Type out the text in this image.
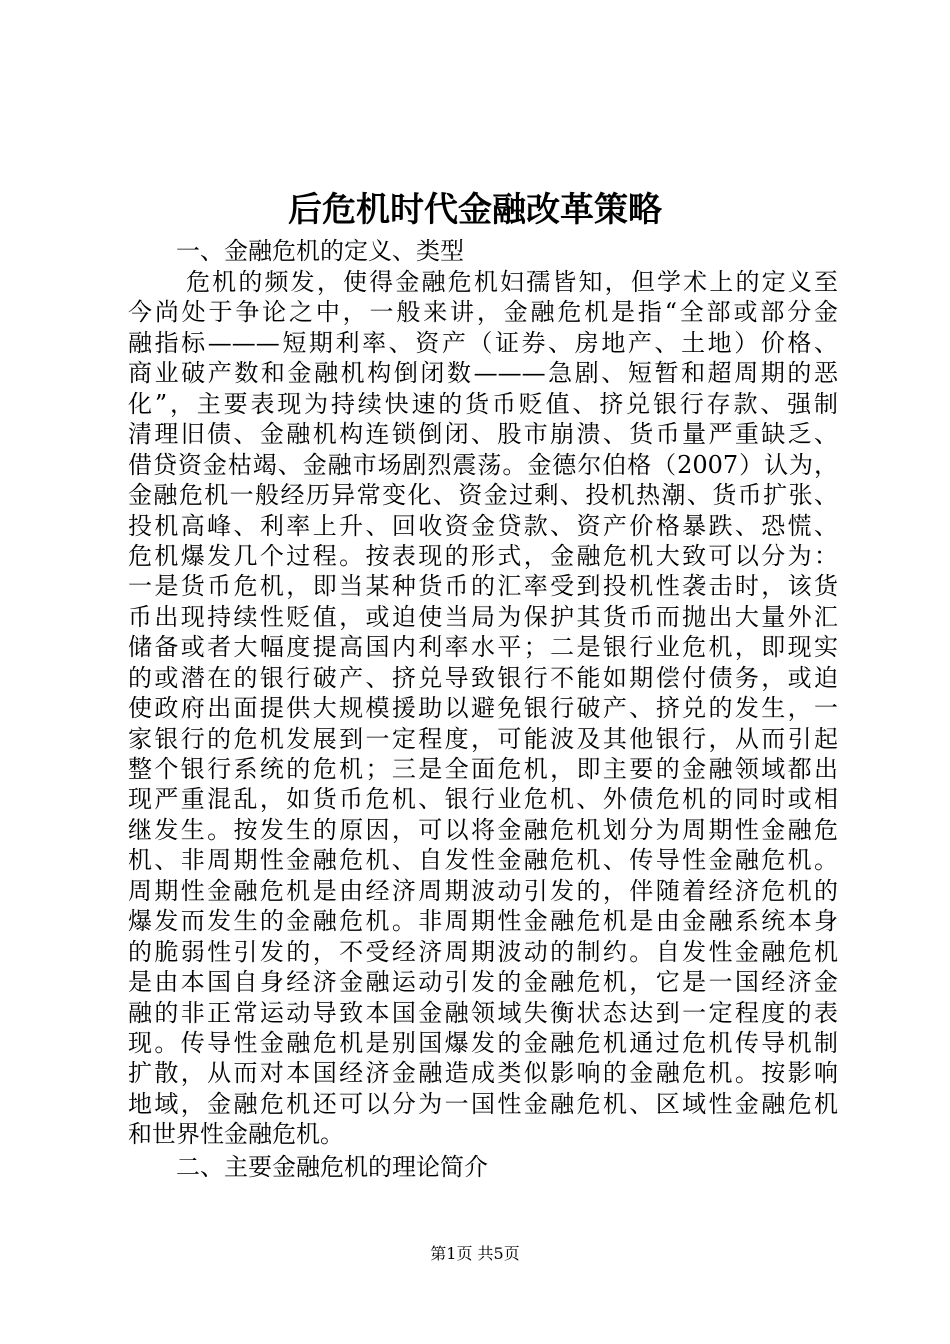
后危机时代金融改革策略

一、金融危机的定义、类型

危机的频发，使得金融危机妇孺皆知，但学术上的定义至
今尚处于争论之中，一般来讲，金融危机是指“全部或部分金
融指标———短期利率、资产（证券、房地产、土地）价格、
商业破产数和金融机构倒闭数———急剧、短暂和超周期的恶
化”，主要表现为持续快速的货币贬值、挤兑银行存款、强制
清理旧债、金融机构连锁倒闭、股市崩溃、货币量严重缺乏、
借贷资金枯竭、金融市场剧烈震荡。金德尔伯格（2007）认为，
金融危机一般经历异常变化、资金过剩、投机热潮、货币扩张、
投机高峰、利率上升、回收资金贷款、资产价格暴跌、恐慌、
危机爆发几个过程。按表现的形式，金融危机大致可以分为：
一是货币危机，即当某种货币的汇率受到投机性袭击时，该货
币出现持续性贬值，或迫使当局为保护其货币而抛出大量外汇
储备或者大幅度提高国内利率水平；二是银行业危机，即现实
的或潜在的银行破产、挤兑导致银行不能如期偿付债务，或迫
使政府出面提供大规模援助以避免银行破产、挤兑的发生，一
家银行的危机发展到一定程度，可能波及其他银行，从而引起
整个银行系统的危机；三是全面危机，即主要的金融领域都出
现严重混乱，如货币危机、银行业危机、外债危机的同时或相
继发生。按发生的原因，可以将金融危机划分为周期性金融危
机、非周期性金融危机、自发性金融危机、传导性金融危机。
周期性金融危机是由经济周期波动引发的，伴随着经济危机的
爆发而发生的金融危机。非周期性金融危机是由金融系统本身
的脆弱性引发的，不受经济周期波动的制约。自发性金融危机
是由本国自身经济金融运动引发的金融危机，它是一国经济金
融的非正常运动导致本国金融领域失衡状态达到一定程度的表
现。传导性金融危机是别国爆发的金融危机通过危机传导机制
扩散，从而对本国经济金融造成类似影响的金融危机。按影响
地域，金融危机还可以分为一国性金融危机、区域性金融危机
和世界性金融危机。

二、主要金融危机的理论简介

第1页 共5页
